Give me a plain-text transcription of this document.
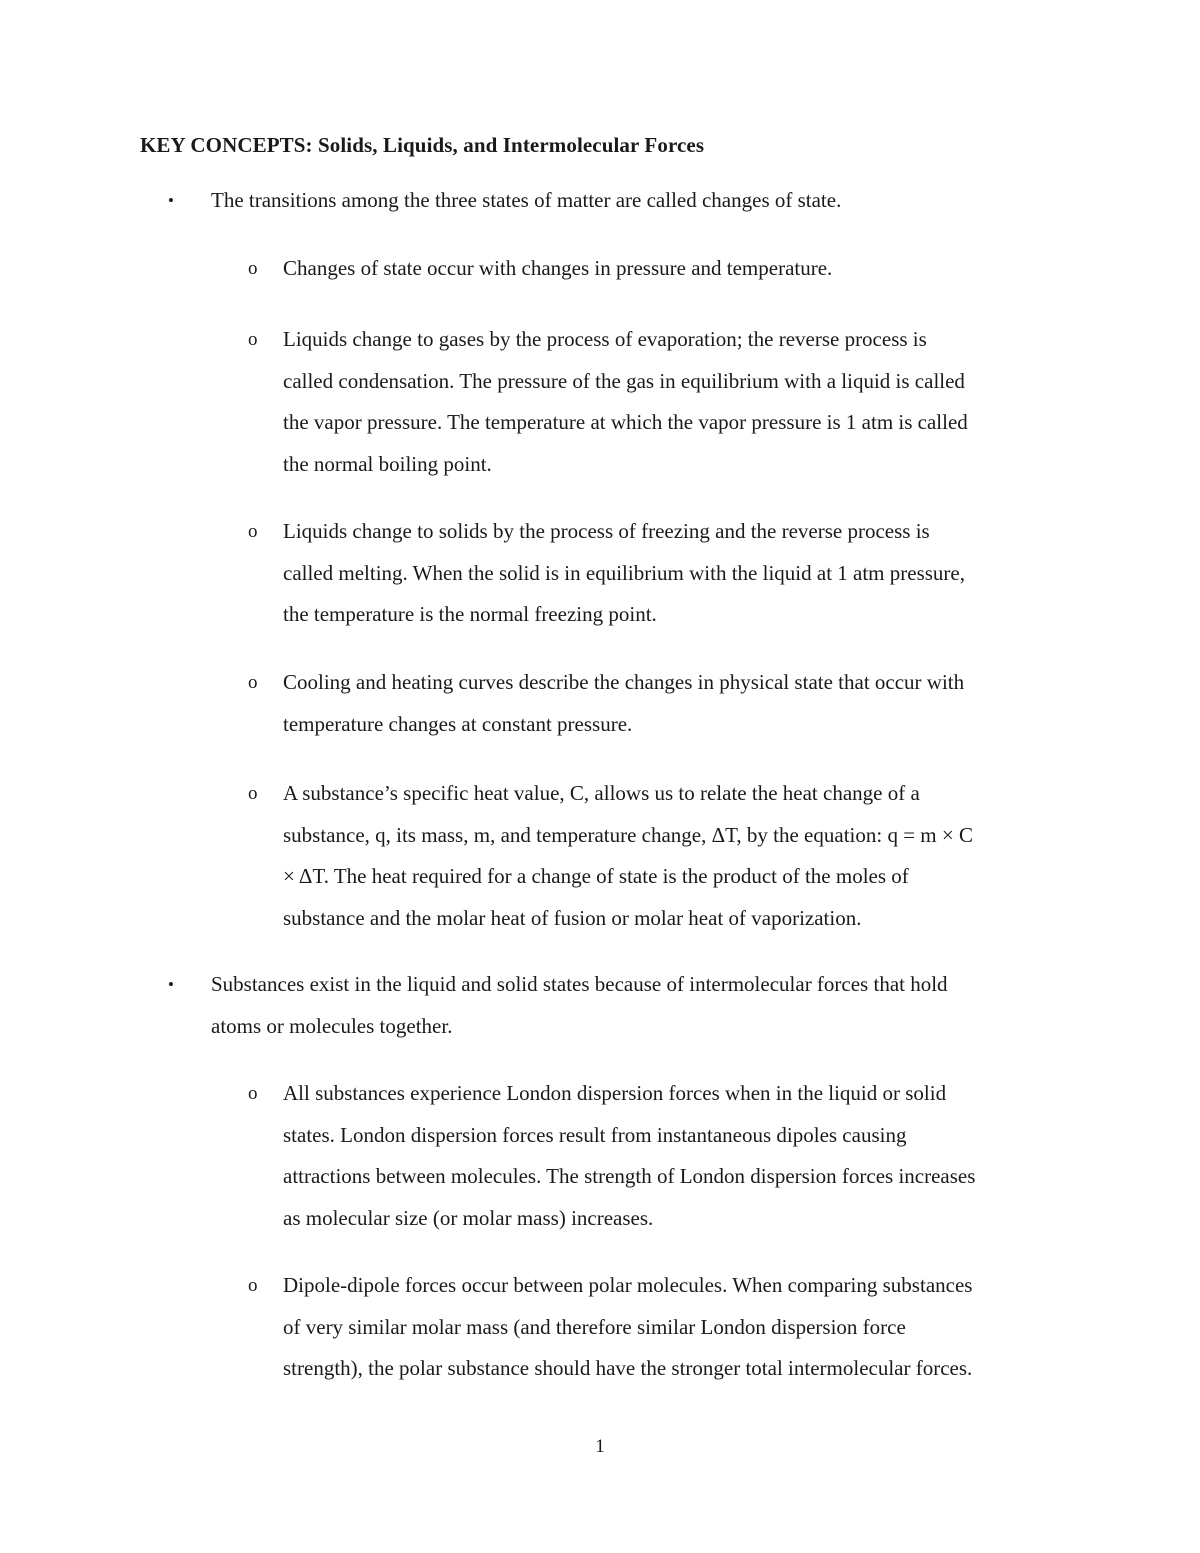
KEY CONCEPTS: Solids, Liquids, and Intermolecular Forces
• The transitions among the three states of matter are called changes of state.
o Changes of state occur with changes in pressure and temperature.
o Liquids change to gases by the process of evaporation; the reverse process is
called condensation. The pressure of the gas in equilibrium with a liquid is called
the vapor pressure. The temperature at which the vapor pressure is 1 atm is called
the normal boiling point.
o Liquids change to solids by the process of freezing and the reverse process is
called melting. When the solid is in equilibrium with the liquid at 1 atm pressure,
the temperature is the normal freezing point.
o Cooling and heating curves describe the changes in physical state that occur with
temperature changes at constant pressure.
o A substance’s specific heat value, C, allows us to relate the heat change of a
substance, q, its mass, m, and temperature change, ΔT, by the equation: q = m × C
× ΔT. The heat required for a change of state is the product of the moles of
substance and the molar heat of fusion or molar heat of vaporization.
• Substances exist in the liquid and solid states because of intermolecular forces that hold
atoms or molecules together.
o All substances experience London dispersion forces when in the liquid or solid
states. London dispersion forces result from instantaneous dipoles causing
attractions between molecules. The strength of London dispersion forces increases
as molecular size (or molar mass) increases.
o Dipole-dipole forces occur between polar molecules. When comparing substances
of very similar molar mass (and therefore similar London dispersion force
strength), the polar substance should have the stronger total intermolecular forces.
1
